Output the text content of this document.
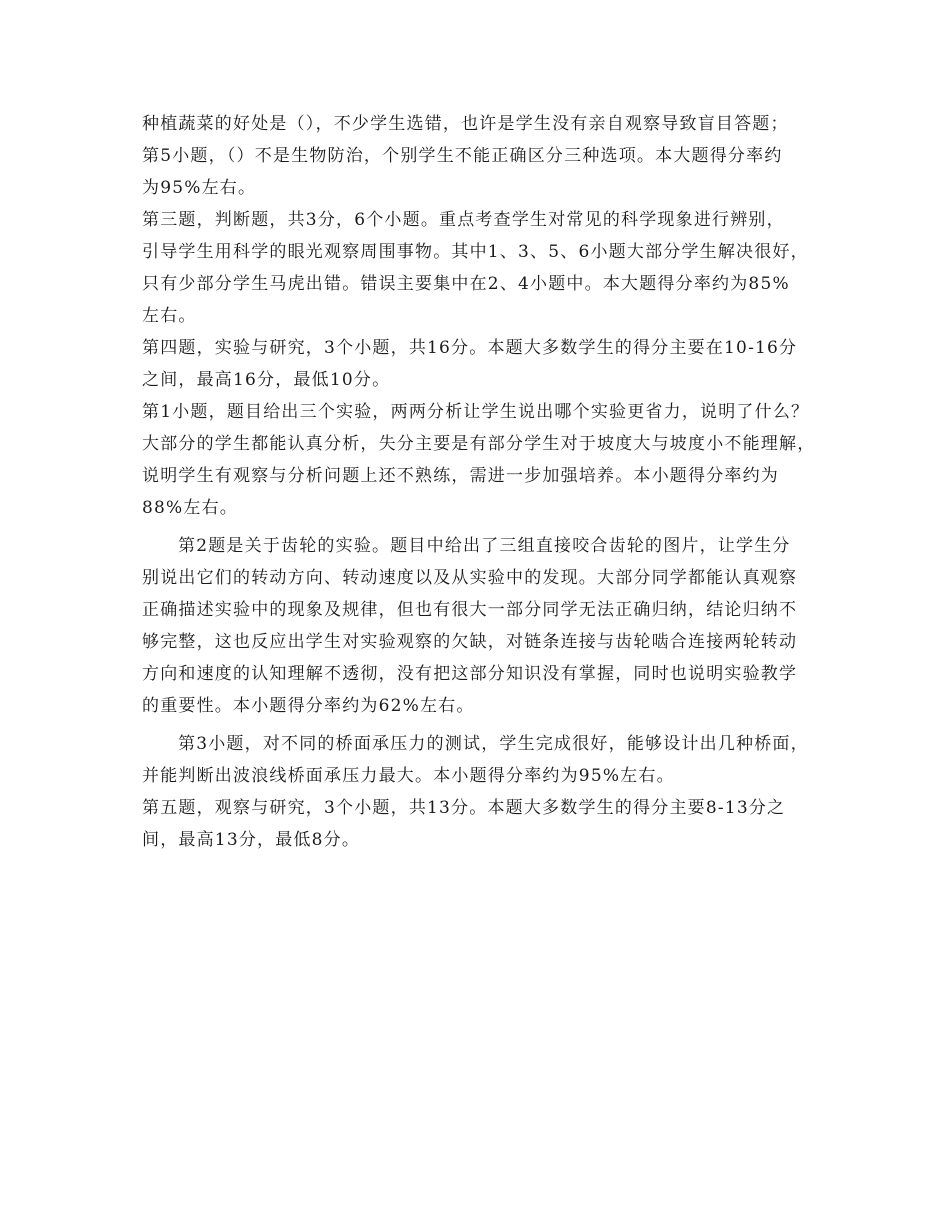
种植蔬菜的好处是（），不少学生选错，也许是学生没有亲自观察导致盲目答题；
第5小题，（）不是生物防治，个别学生不能正确区分三种选项。本大题得分率约
为95%左右。
第三题，判断题，共3分，6个小题。重点考查学生对常见的科学现象进行辨别，
引导学生用科学的眼光观察周围事物。其中1、3、5、6小题大部分学生解决很好，
只有少部分学生马虎出错。错误主要集中在2、4小题中。本大题得分率约为85%
左右。
第四题，实验与研究，3个小题，共16分。本题大多数学生的得分主要在10-16分
之间，最高16分，最低10分。
第1小题，题目给出三个实验，两两分析让学生说出哪个实验更省力，说明了什么？
大部分的学生都能认真分析，失分主要是有部分学生对于坡度大与坡度小不能理解，
说明学生有观察与分析问题上还不熟练，需进一步加强培养。本小题得分率约为
88%左右。
第2题是关于齿轮的实验。题目中给出了三组直接咬合齿轮的图片，让学生分
别说出它们的转动方向、转动速度以及从实验中的发现。大部分同学都能认真观察
正确描述实验中的现象及规律，但也有很大一部分同学无法正确归纳，结论归纳不
够完整，这也反应出学生对实验观察的欠缺，对链条连接与齿轮啮合连接两轮转动
方向和速度的认知理解不透彻，没有把这部分知识没有掌握，同时也说明实验教学
的重要性。本小题得分率约为62%左右。
第3小题，对不同的桥面承压力的测试，学生完成很好，能够设计出几种桥面，
并能判断出波浪线桥面承压力最大。本小题得分率约为95%左右。
第五题，观察与研究，3个小题，共13分。本题大多数学生的得分主要8-13分之
间，最高13分，最低8分。
